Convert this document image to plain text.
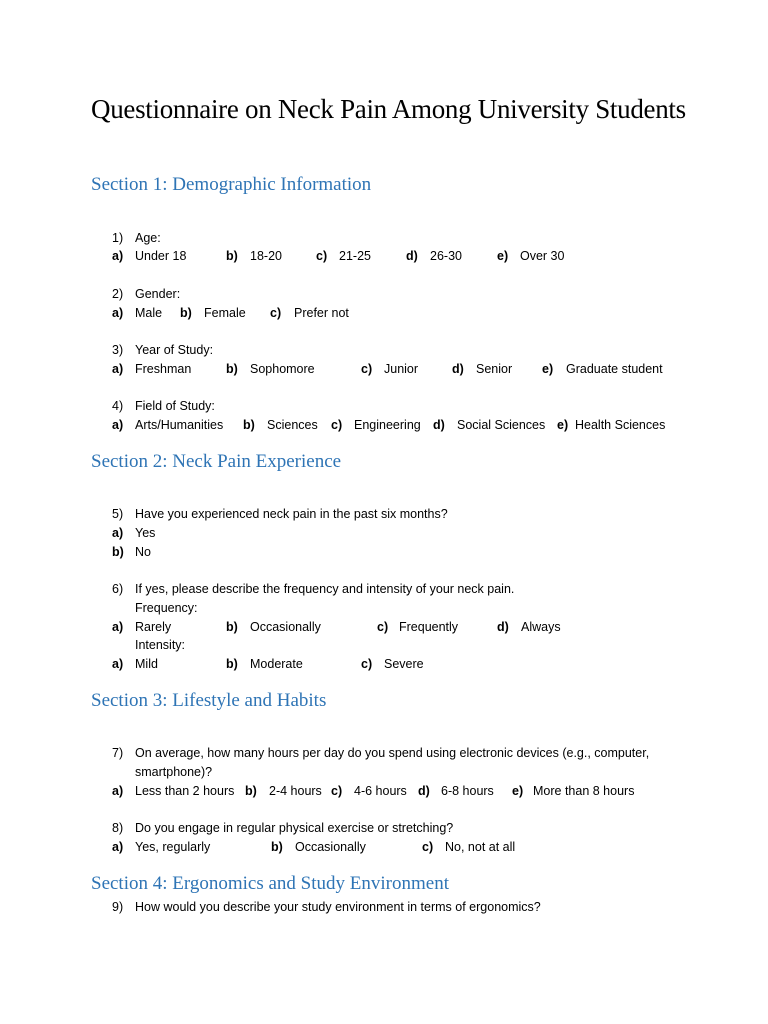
Questionnaire on Neck Pain Among University Students
Section 1: Demographic Information
1) Age:
a) Under 18	b) 18-20	c) 21-25	d) 26-30	e) Over 30
2) Gender:
a) Male b) Female c) Prefer not
3) Year of Study:
a) Freshman	b) Sophomore	c) Junior	d) Senior e) Graduate student
4) Field of Study:
a) Arts/Humanities b) Sciences c) Engineering d) Social Sciences e) Health Sciences
Section 2: Neck Pain Experience
5) Have you experienced neck pain in the past six months?
a) Yes
b) No
6) If yes, please describe the frequency and intensity of your neck pain.
Frequency:
a) Rarely	b) Occasionally	c) Frequently	d) Always
Intensity:
a) Mild	b) Moderate	c) Severe
Section 3: Lifestyle and Habits
7) On average, how many hours per day do you spend using electronic devices (e.g., computer,
smartphone)?
a) Less than 2 hours b) 2-4 hours c) 4-6 hours d) 6-8 hours e) More than 8 hours
8) Do you engage in regular physical exercise or stretching?
a) Yes, regularly	b) Occasionally	c) No, not at all
Section 4: Ergonomics and Study Environment
9) How would you describe your study environment in terms of ergonomics?
